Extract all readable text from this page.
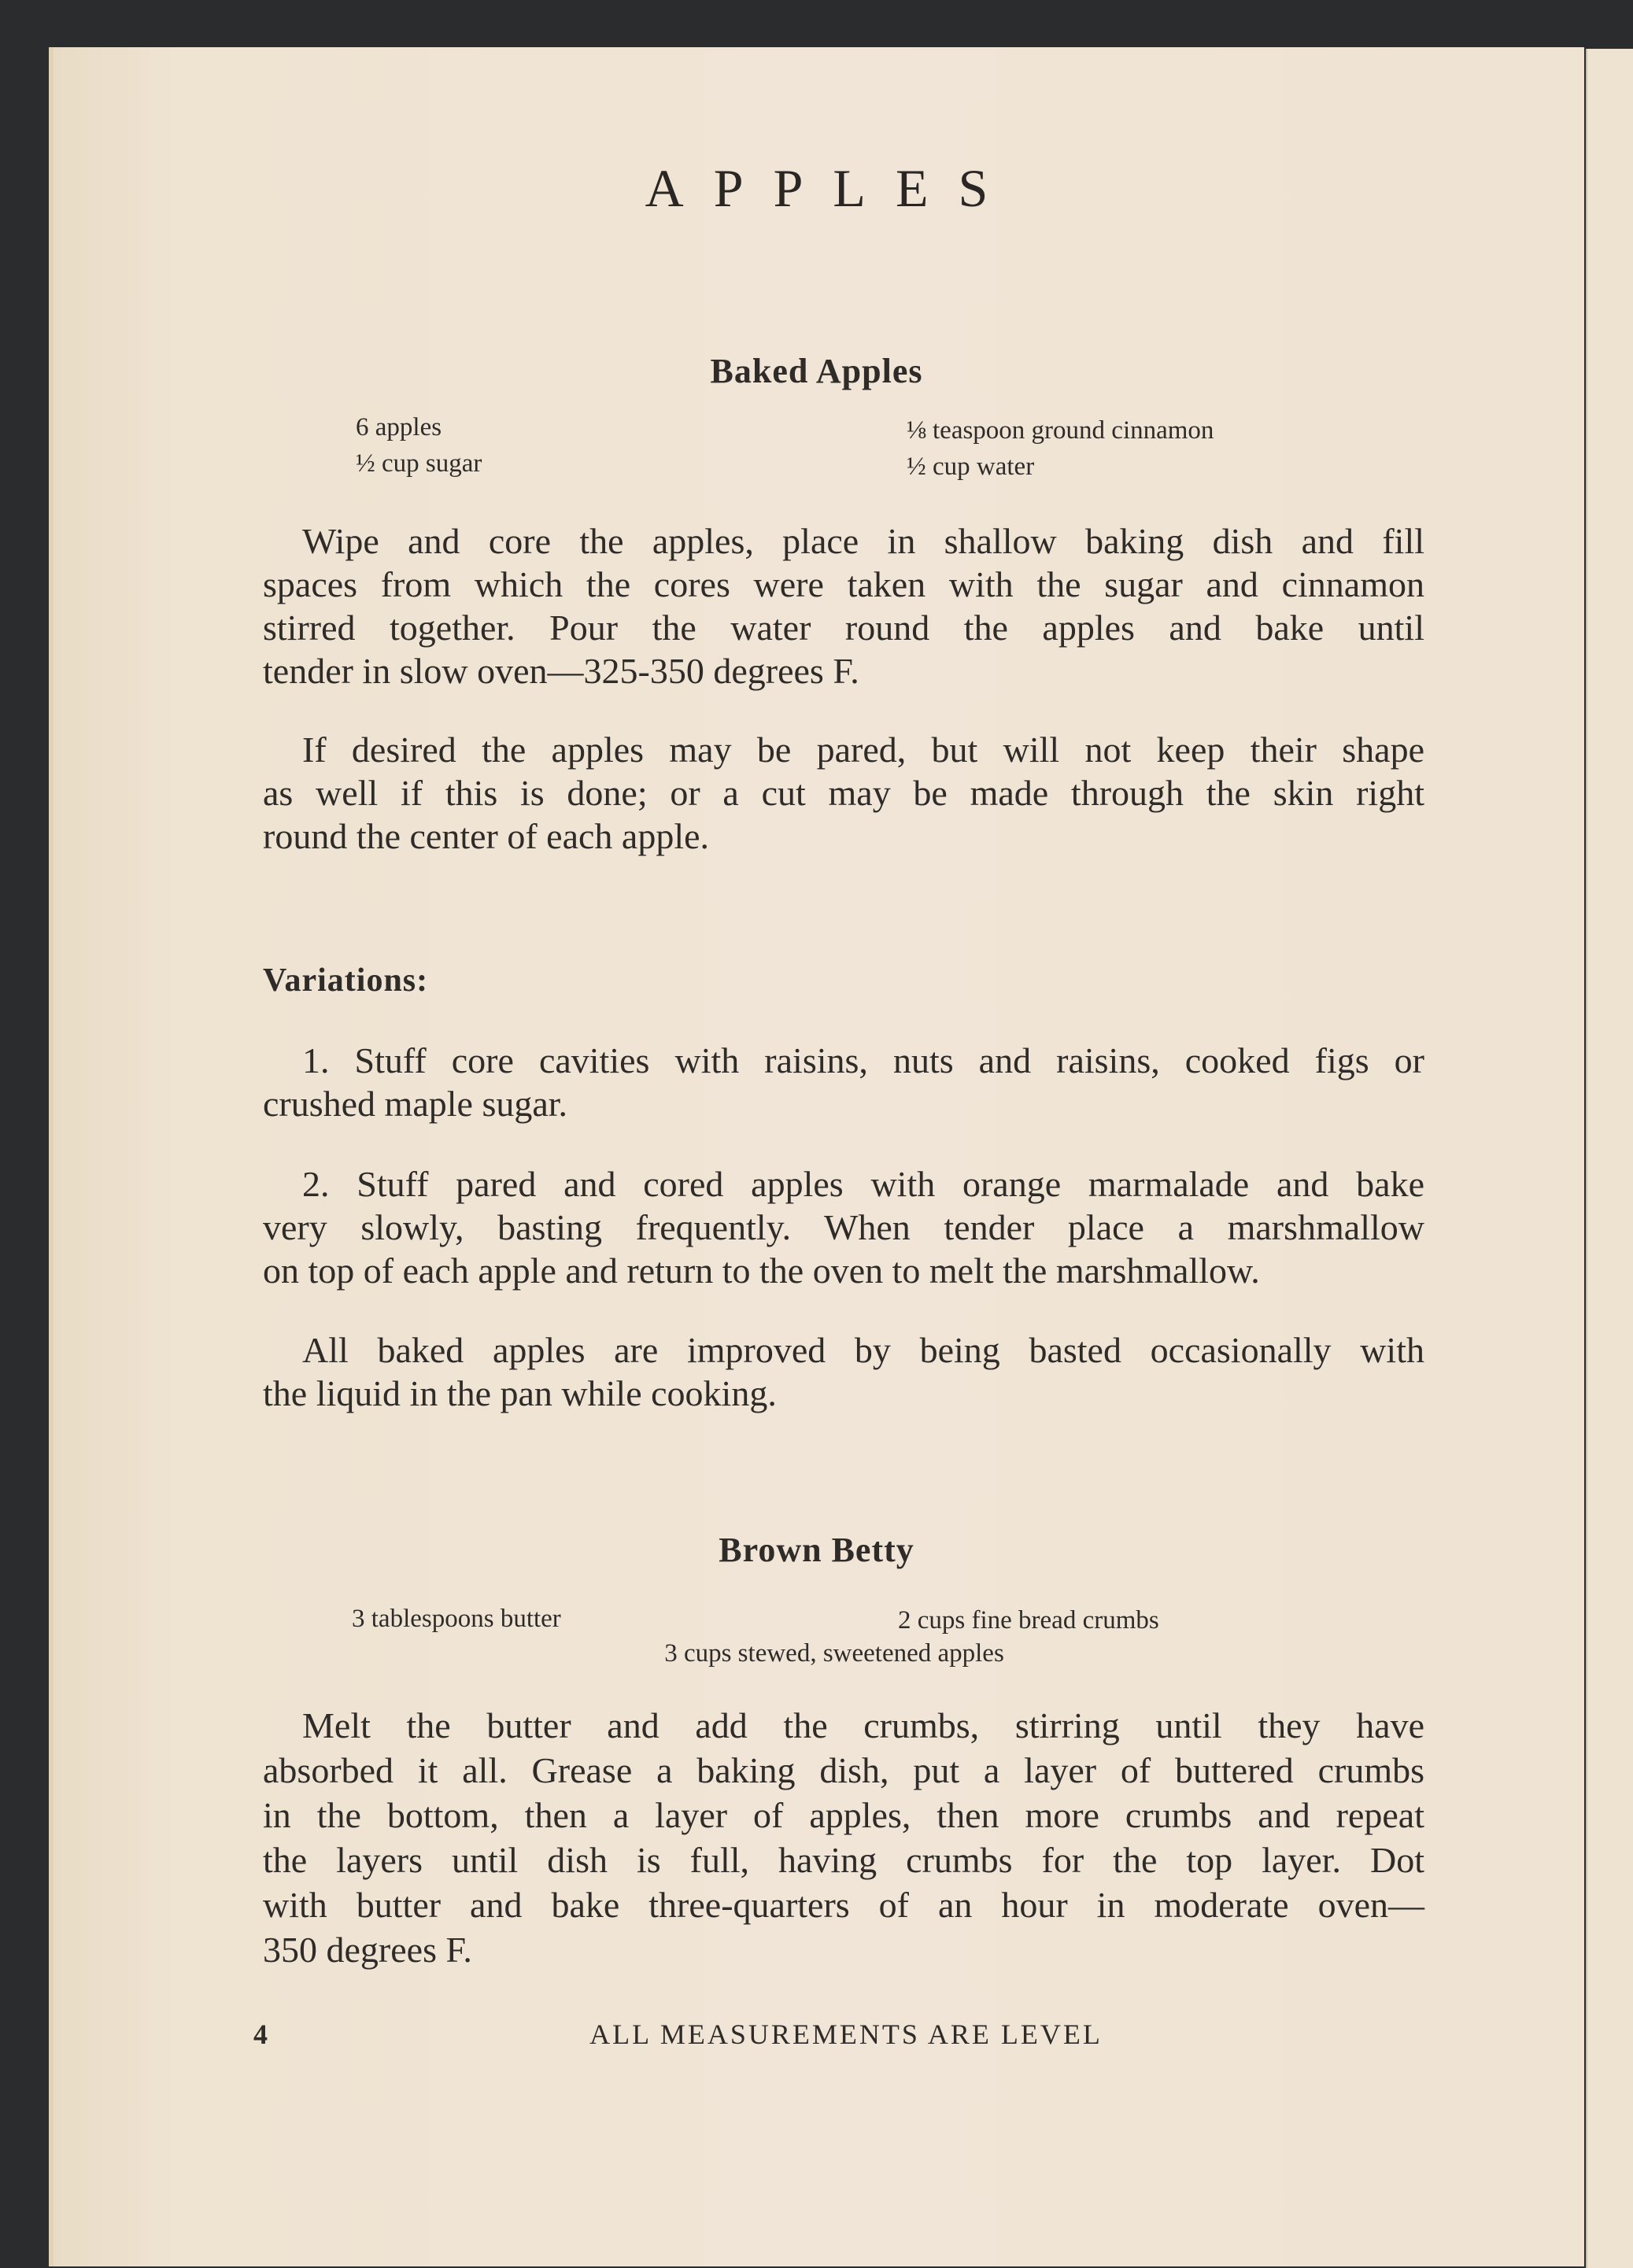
APPLES
Baked Apples
6 apples
½ cup sugar
⅛ teaspoon ground cinnamon
½ cup water
Wipe and core the apples, place in shallow baking dish and fill
spaces from which the cores were taken with the sugar and cinnamon
stirred together. Pour the water round the apples and bake until
tender in slow oven—325-350 degrees F.
If desired the apples may be pared, but will not keep their shape
as well if this is done; or a cut may be made through the skin right
round the center of each apple.
Variations:
1. Stuff core cavities with raisins, nuts and raisins, cooked figs or
crushed maple sugar.
2. Stuff pared and cored apples with orange marmalade and bake
very slowly, basting frequently. When tender place a marshmallow
on top of each apple and return to the oven to melt the marshmallow.
All baked apples are improved by being basted occasionally with
the liquid in the pan while cooking.
Brown Betty
3 tablespoons butter	2 cups fine bread crumbs
3 cups stewed, sweetened apples
Melt the butter and add the crumbs, stirring until they have
absorbed it all. Grease a baking dish, put a layer of buttered crumbs
in the bottom, then a layer of apples, then more crumbs and repeat
the layers until dish is full, having crumbs for the top layer. Dot
with butter and bake three-quarters of an hour in moderate oven—
350 degrees F.
4	ALL MEASUREMENTS ARE LEVEL
